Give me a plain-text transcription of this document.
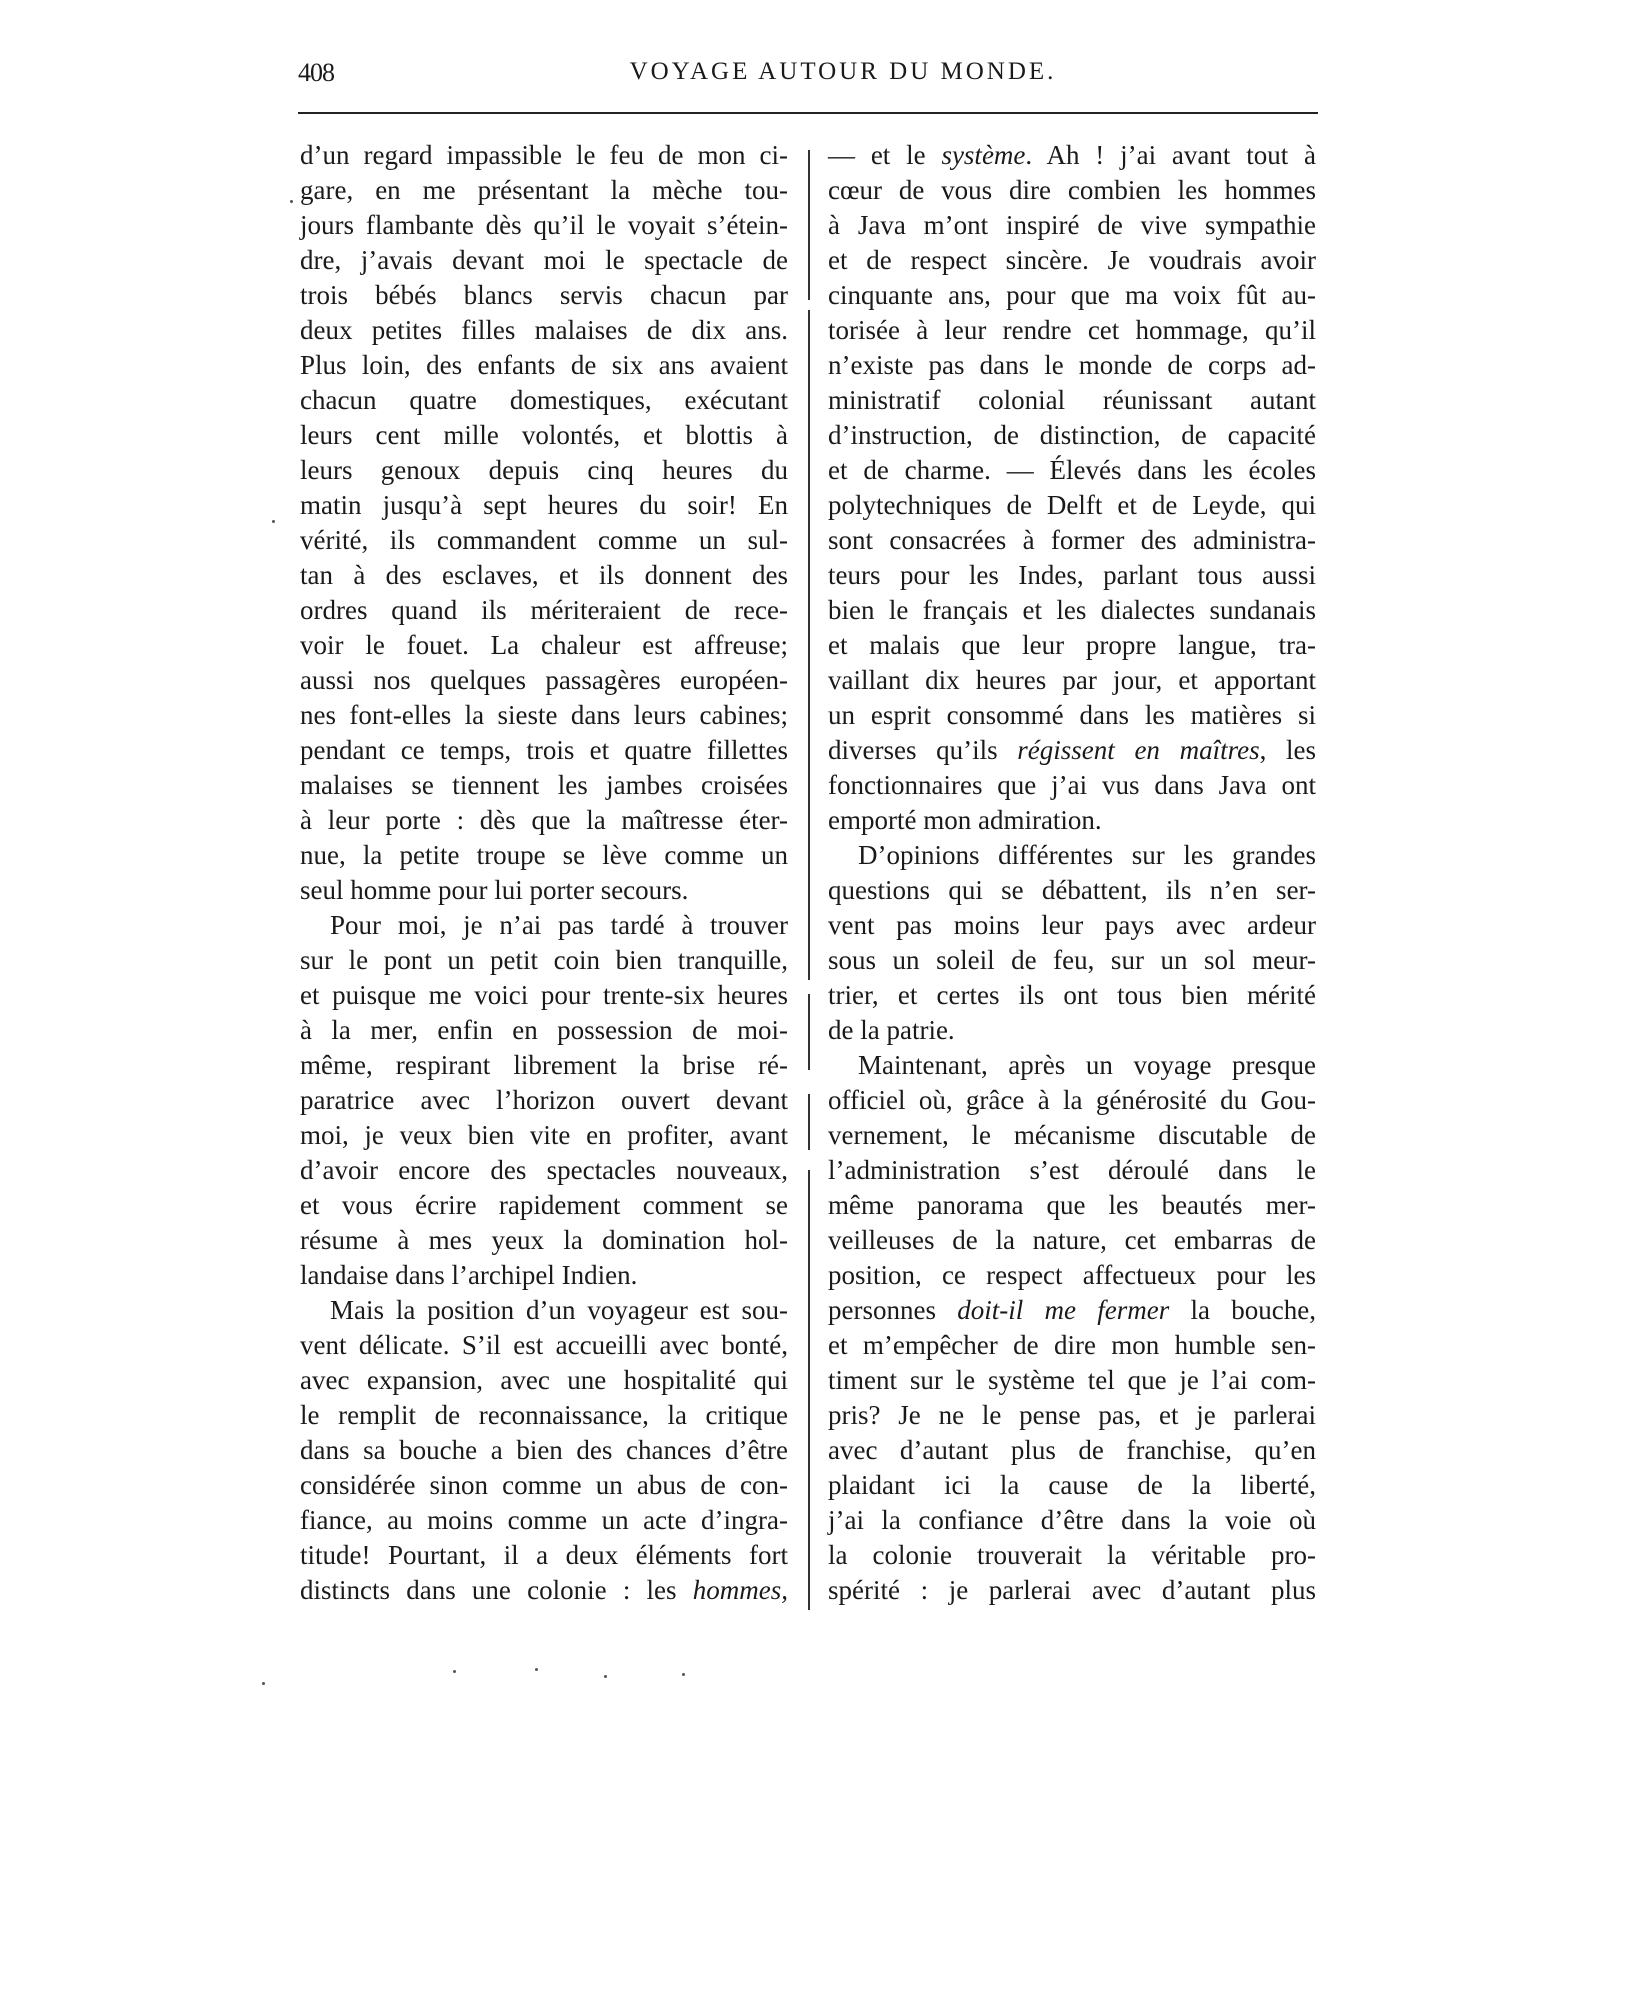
408	VOYAGE AUTOUR DU MONDE.
d’un regard impassible le feu de mon ci-
gare, en me présentant la mèche tou-
jours flambante dès qu’il le voyait s’étein-
dre, j’avais devant moi le spectacle de
trois bébés blancs servis chacun par
deux petites filles malaises de dix ans.
Plus loin, des enfants de six ans avaient
chacun quatre domestiques, exécutant
leurs cent mille volontés, et blottis à
leurs genoux depuis cinq heures du
matin jusqu’à sept heures du soir! En
vérité, ils commandent comme un sul-
tan à des esclaves, et ils donnent des
ordres quand ils mériteraient de rece-
voir le fouet. La chaleur est affreuse;
aussi nos quelques passagères européen-
nes font-elles la sieste dans leurs cabines;
pendant ce temps, trois et quatre fillettes
malaises se tiennent les jambes croisées
à leur porte : dès que la maîtresse éter-
nue, la petite troupe se lève comme un
seul homme pour lui porter secours.
Pour moi, je n’ai pas tardé à trouver
sur le pont un petit coin bien tranquille,
et puisque me voici pour trente-six heures
à la mer, enfin en possession de moi-
même, respirant librement la brise ré-
paratrice avec l’horizon ouvert devant
moi, je veux bien vite en profiter, avant
d’avoir encore des spectacles nouveaux,
et vous écrire rapidement comment se
résume à mes yeux la domination hol-
landaise dans l’archipel Indien.
Mais la position d’un voyageur est sou-
vent délicate. S’il est accueilli avec bonté,
avec expansion, avec une hospitalité qui
le remplit de reconnaissance, la critique
dans sa bouche a bien des chances d’être
considérée sinon comme un abus de con-
fiance, au moins comme un acte d’ingra-
titude! Pourtant, il a deux éléments fort
distincts dans une colonie : les hommes,
— et le système. Ah ! j’ai avant tout à
cœur de vous dire combien les hommes
à Java m’ont inspiré de vive sympathie
et de respect sincère. Je voudrais avoir
cinquante ans, pour que ma voix fût au-
torisée à leur rendre cet hommage, qu’il
n’existe pas dans le monde de corps ad-
ministratif colonial réunissant autant
d’instruction, de distinction, de capacité
et de charme. — Élevés dans les écoles
polytechniques de Delft et de Leyde, qui
sont consacrées à former des administra-
teurs pour les Indes, parlant tous aussi
bien le français et les dialectes sundanais
et malais que leur propre langue, tra-
vaillant dix heures par jour, et apportant
un esprit consommé dans les matières si
diverses qu’ils régissent en maîtres, les
fonctionnaires que j’ai vus dans Java ont
emporté mon admiration.
D’opinions différentes sur les grandes
questions qui se débattent, ils n’en ser-
vent pas moins leur pays avec ardeur
sous un soleil de feu, sur un sol meur-
trier, et certes ils ont tous bien mérité
de la patrie.
Maintenant, après un voyage presque
officiel où, grâce à la générosité du Gou-
vernement, le mécanisme discutable de
l’administration s’est déroulé dans le
même panorama que les beautés mer-
veilleuses de la nature, cet embarras de
position, ce respect affectueux pour les
personnes doit-il me fermer la bouche,
et m’empêcher de dire mon humble sen-
timent sur le système tel que je l’ai com-
pris? Je ne le pense pas, et je parlerai
avec d’autant plus de franchise, qu’en
plaidant ici la cause de la liberté,
j’ai la confiance d’être dans la voie où
la colonie trouverait la véritable pro-
spérité : je parlerai avec d’autant plus
